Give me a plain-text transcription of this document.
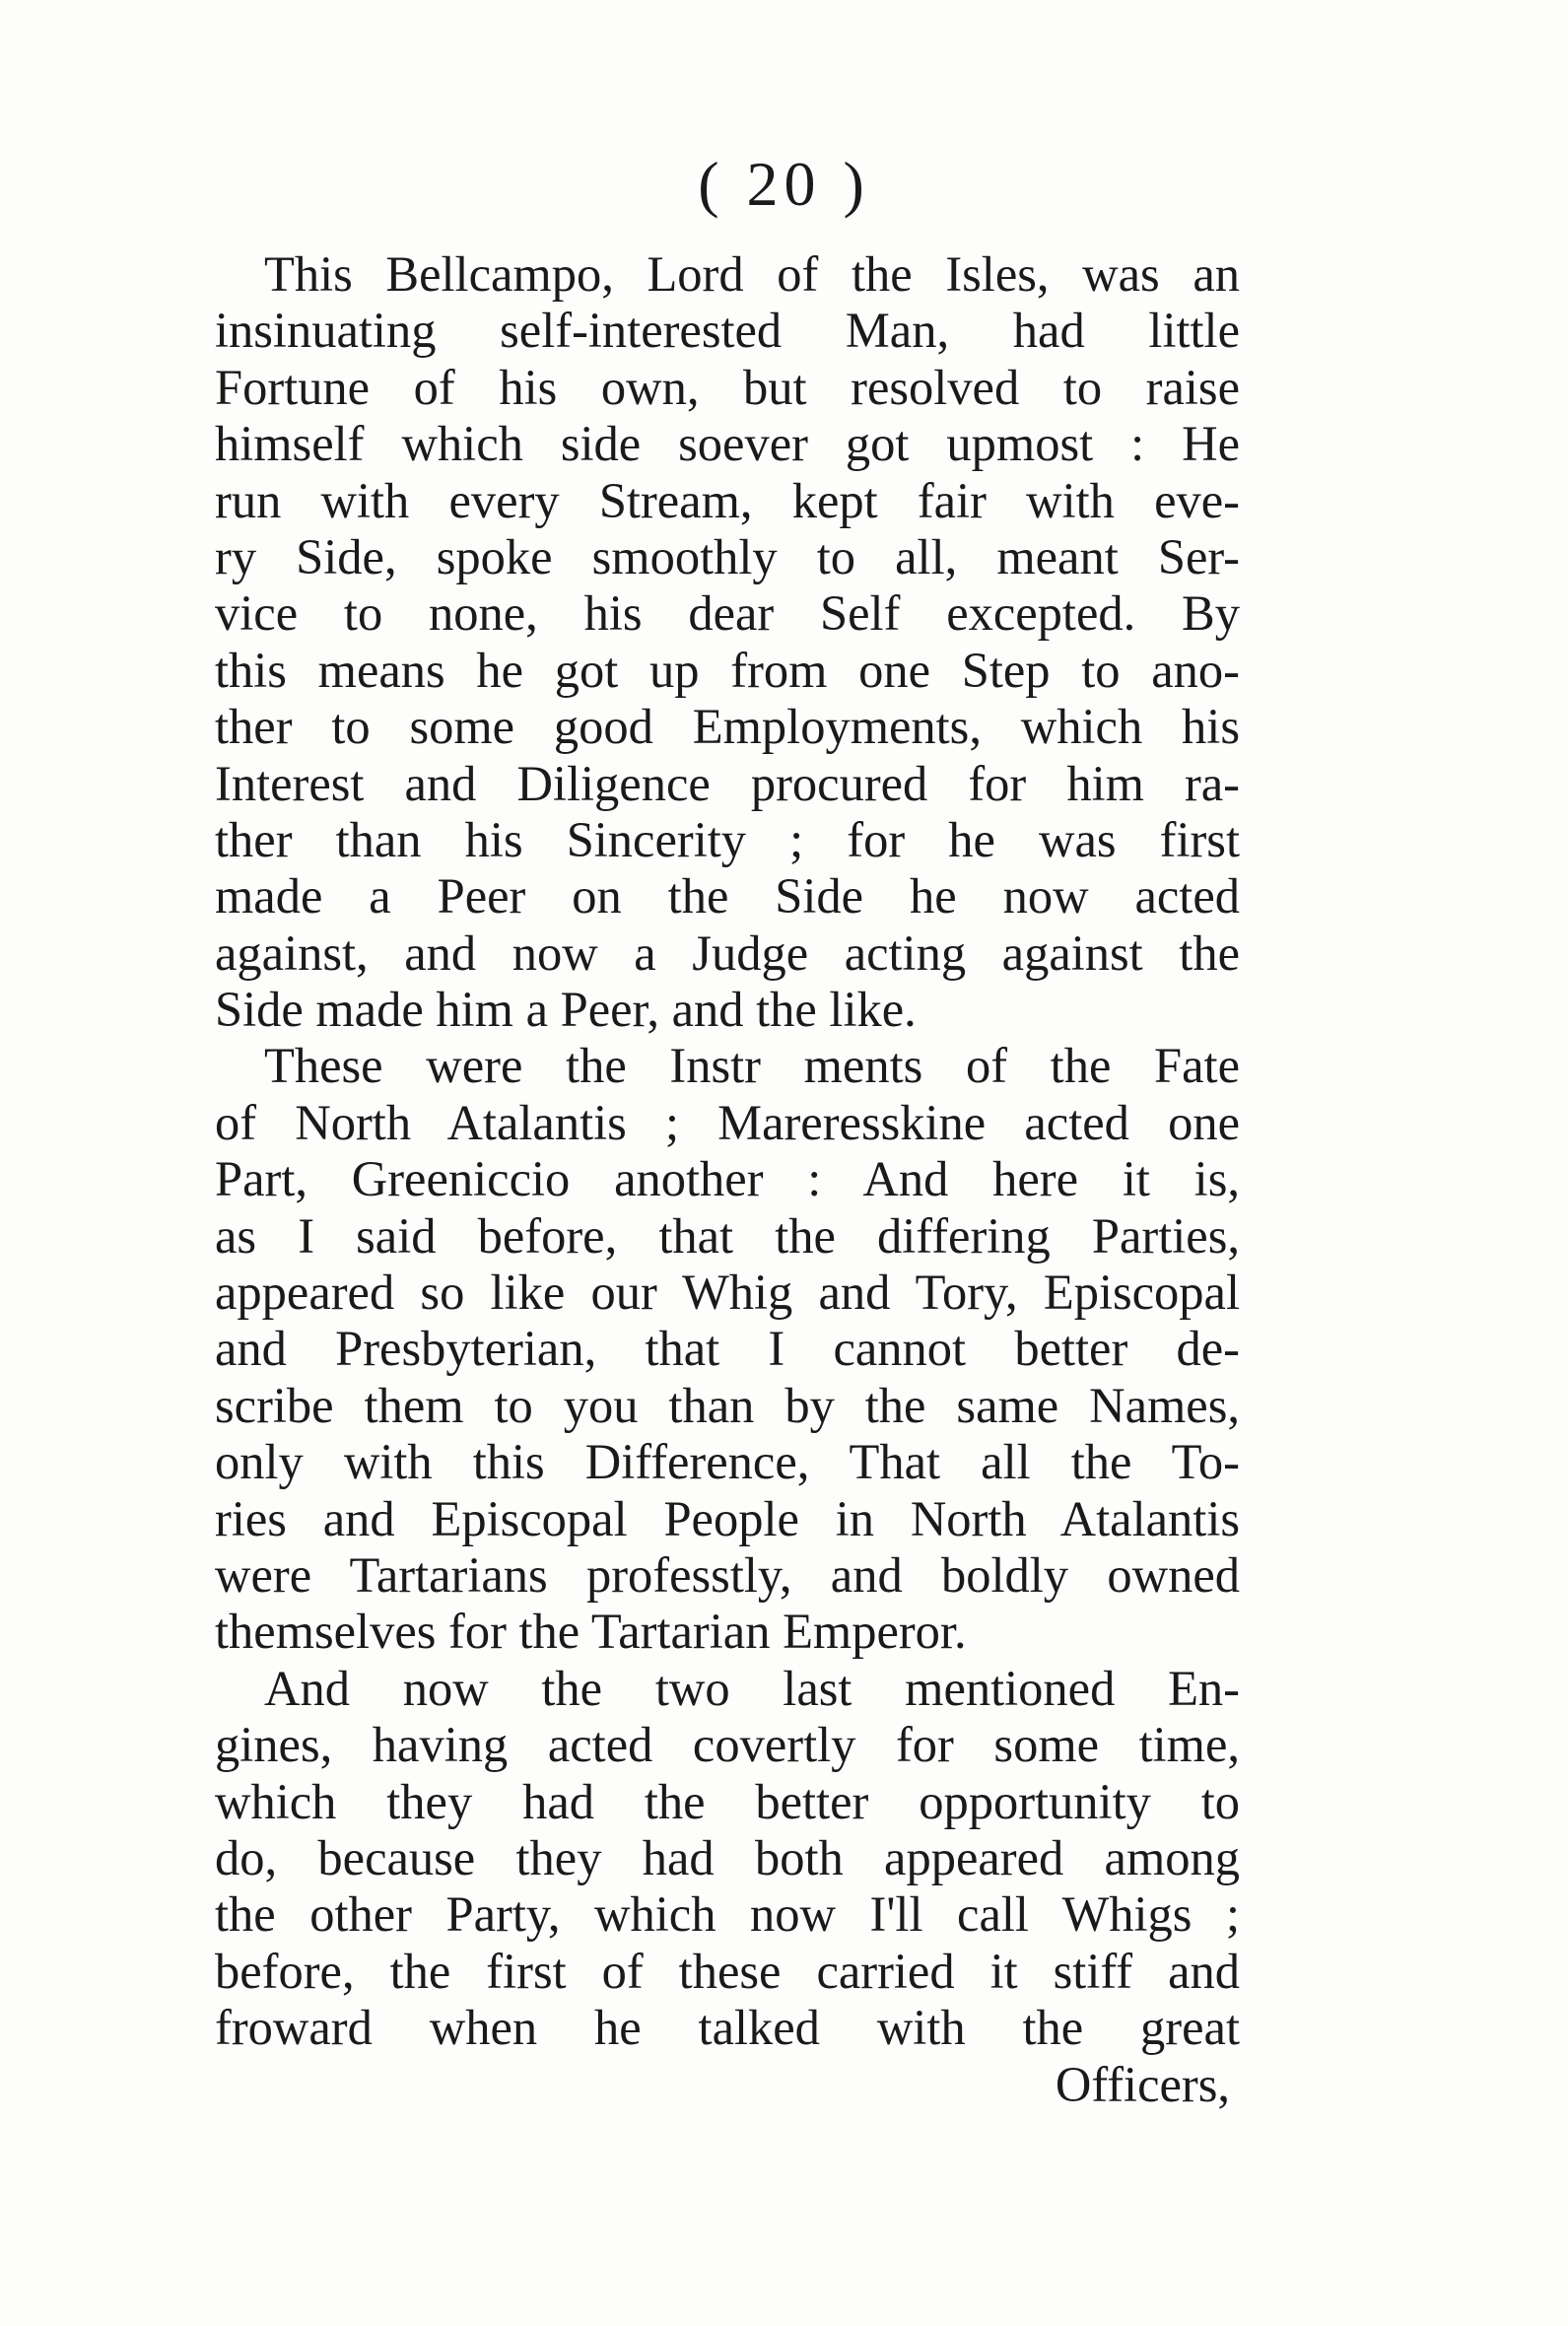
( 20 )
This Bellcampo, Lord of the Isles, was an
insinuating self-interested Man, had little
Fortune of his own, but resolved to raise
himself which side soever got upmost : He
run with every Stream, kept fair with eve-
ry Side, spoke smoothly to all, meant Ser-
vice to none, his dear Self excepted. By
this means he got up from one Step to ano-
ther to some good Employments, which his
Interest and Diligence procured for him ra-
ther than his Sincerity ; for he was first
made a Peer on the Side he now acted
against, and now a Judge acting against the
Side made him a Peer, and the like.
These were the Instr ments of the Fate
of North Atalantis ; Mareresskine acted one
Part, Greeniccio another : And here it is,
as I said before, that the differing Parties,
appeared so like our Whig and Tory, Episcopal
and Presbyterian, that I cannot better de-
scribe them to you than by the same Names,
only with this Difference, That all the To-
ries and Episcopal People in North Atalantis
were Tartarians professtly, and boldly owned
themselves for the Tartarian Emperor.
And now the two last mentioned En-
gines, having acted covertly for some time,
which they had the better opportunity to
do, because they had both appeared among
the other Party, which now I'll call Whigs ;
before, the first of these carried it stiff and
froward when he talked with the great
Officers,
